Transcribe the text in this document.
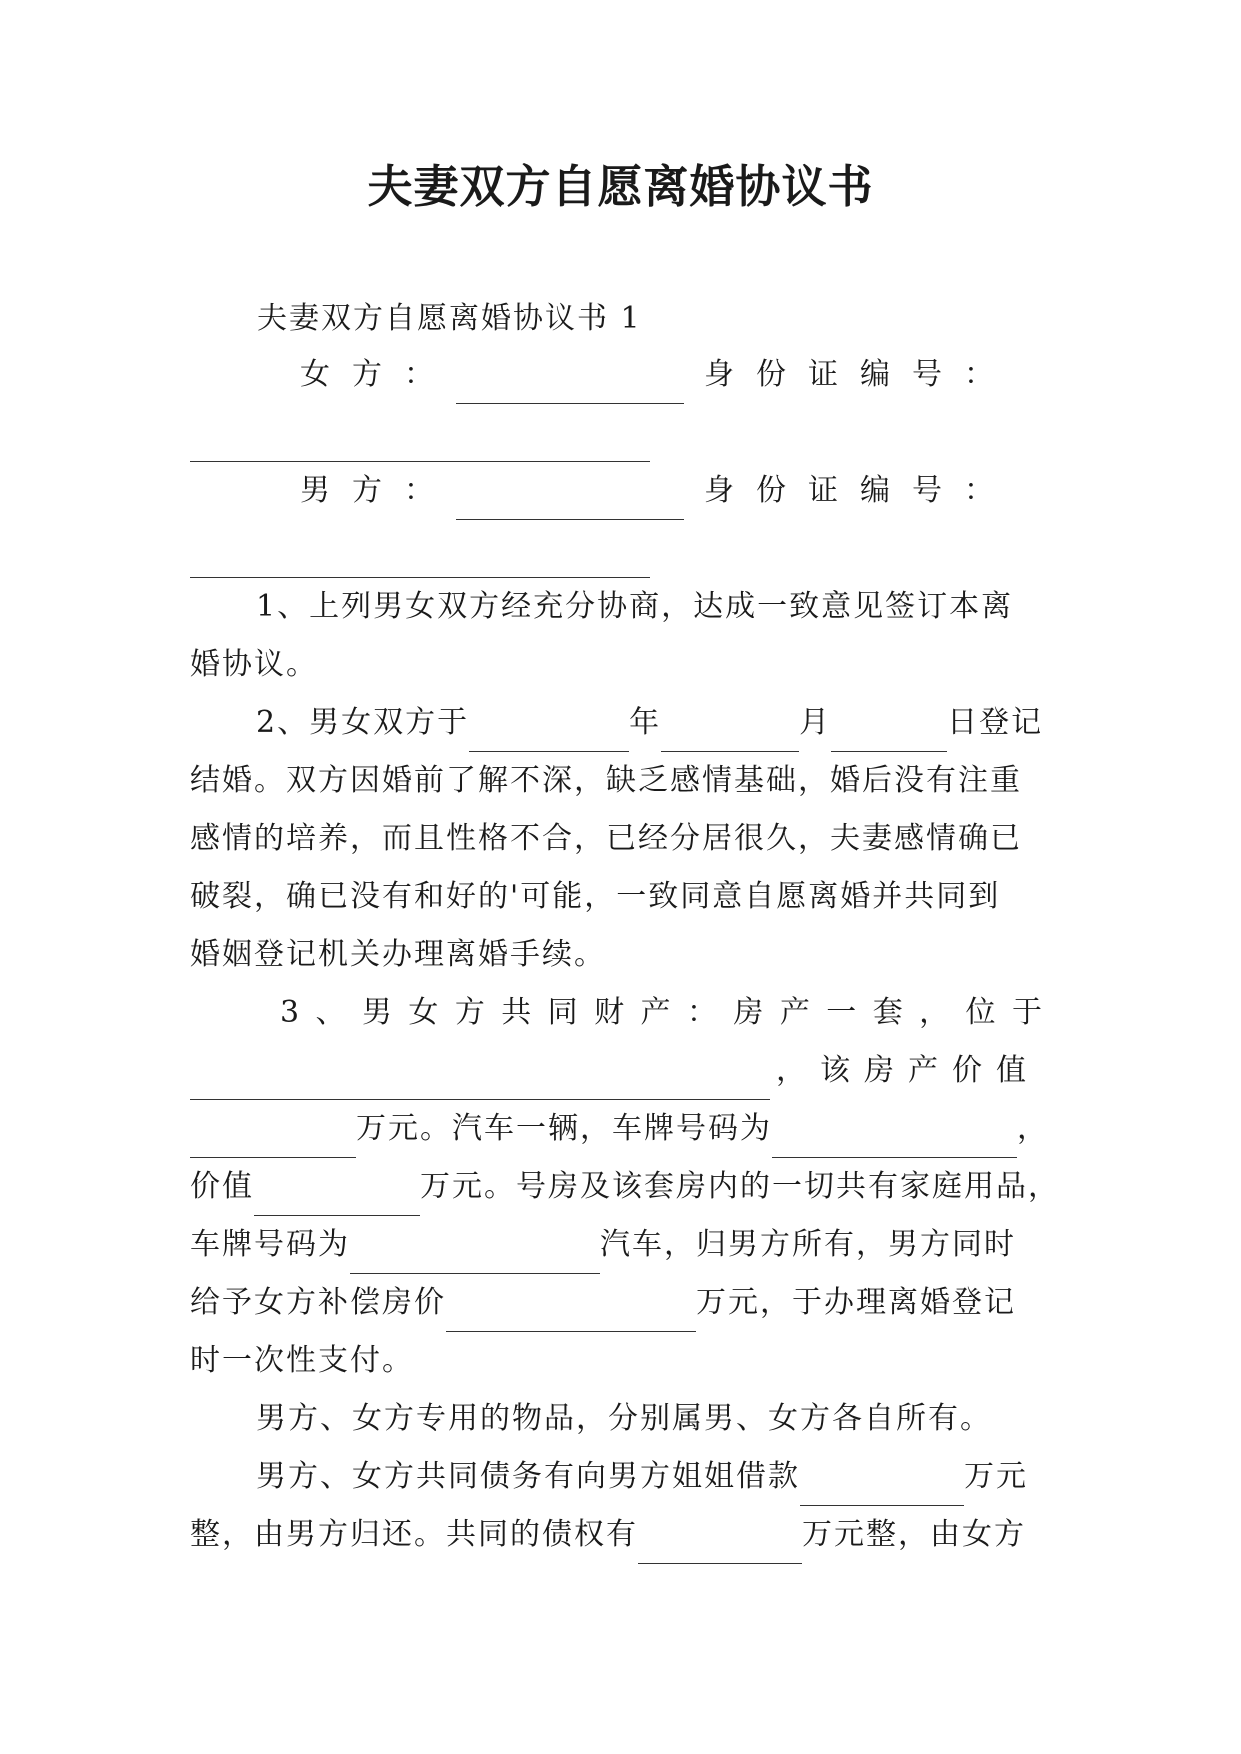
夫妻双方自愿离婚协议书
夫妻双方自愿离婚协议书 1
女方：	身份证编号：
男方：	身份证编号：
1、上列男女双方经充分协商，达成一致意见签订本离
婚协议。
2、男女双方于	年	月	日登记
结婚。双方因婚前了解不深，缺乏感情基础，婚后没有注重
感情的培养，而且性格不合，已经分居很久，夫妻感情确已
破裂，确已没有和好的'可能，一致同意自愿离婚并共同到
婚姻登记机关办理离婚手续。
3、男女方共同财产：房产一套，位于
，该房产价值
万元。汽车一辆，车牌号码为	，
价值	万元。号房及该套房内的一切共有家庭用品，
车牌号码为	汽车，归男方所有，男方同时
给予女方补偿房价	万元，于办理离婚登记
时一次性支付。
男方、女方专用的物品，分别属男、女方各自所有。
男方、女方共同债务有向男方姐姐借款	万元
整，由男方归还。共同的债权有	万元整，由女方
